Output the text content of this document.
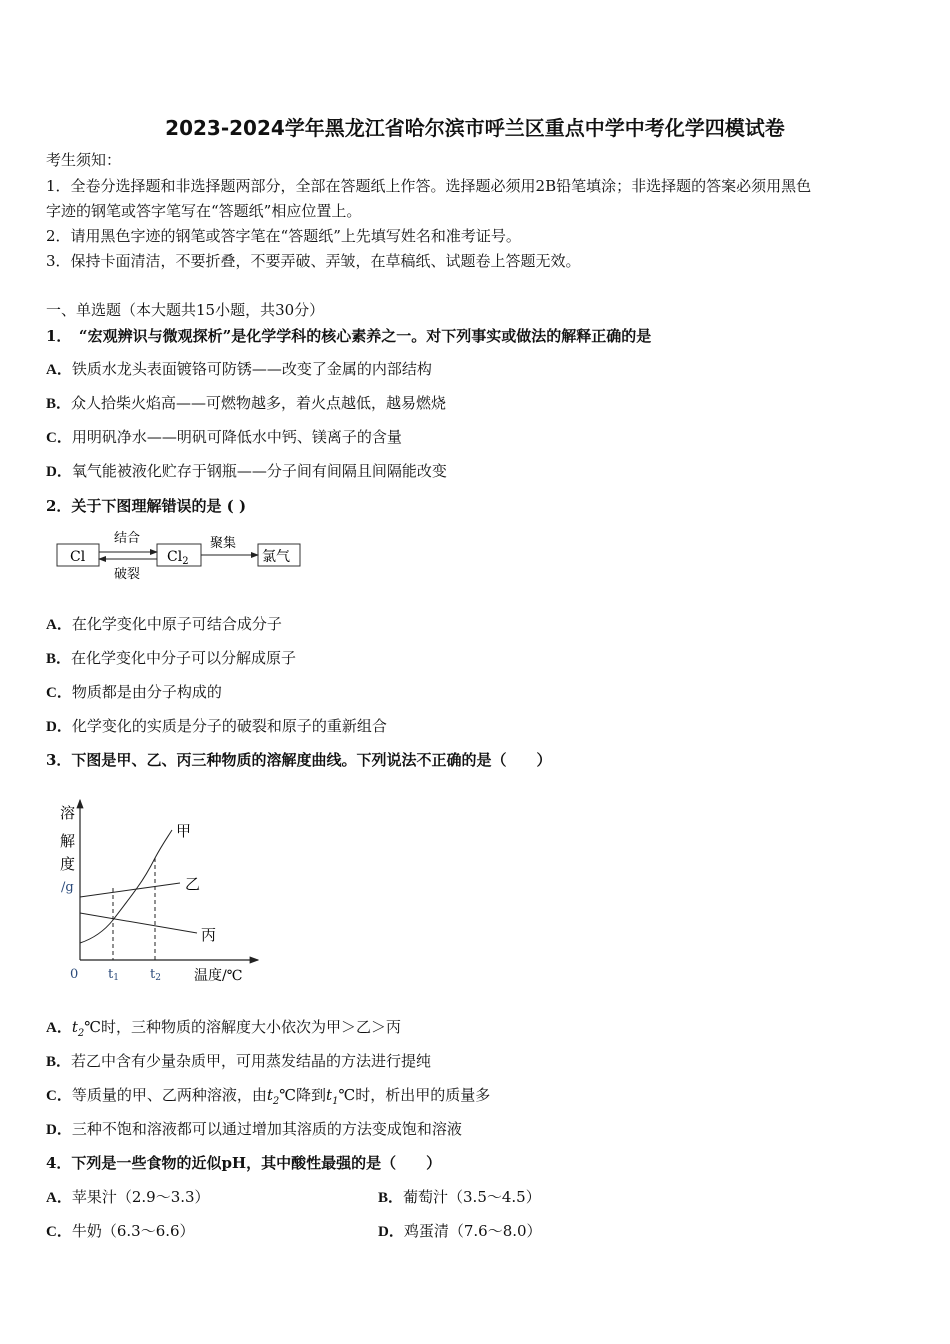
2023-2024学年黑龙江省哈尔滨市呼兰区重点中学中考化学四模试卷
考生须知：
1．全卷分选择题和非选择题两部分，全部在答题纸上作答。选择题必须用2B铅笔填涂；非选择题的答案必须用黑色
字迹的钢笔或答字笔写在“答题纸”相应位置上。
2．请用黑色字迹的钢笔或答字笔在“答题纸”上先填写姓名和准考证号。
3．保持卡面清洁，不要折叠，不要弄破、弄皱，在草稿纸、试题卷上答题无效。
一、单选题（本大题共15小题，共30分）
1．　“宏观辨识与微观探析”是化学学科的核心素养之一。对下列事实或做法的解释正确的是
A．铁质水龙头表面镀铬可防锈——改变了金属的内部结构
B．众人拾柴火焰高——可燃物越多，着火点越低，越易燃烧
C．用明矾净水——明矾可降低水中钙、镁离子的含量
D．氧气能被液化贮存于钢瓶——分子间有间隔且间隔能改变
2．关于下图理解错误的是 ( )
Cl	$Cl_2$	氯气
结合
破裂
聚集
A．在化学变化中原子可结合成分子
B．在化学变化中分子可以分解成原子
C．物质都是由分子构成的
D．化学变化的实质是分子的破裂和原子的重新组合
3．下图是甲、乙、丙三种物质的溶解度曲线。下列说法不正确的是（　　）
甲
乙
丙
溶
解
度
/g
0 t1 t2 温度/℃
A．$t_2℃$时，三种物质的溶解度大小依次为甲＞乙＞丙
B．若乙中含有少量杂质甲，可用蒸发结晶的方法进行提纯
C．等质量的甲、乙两种溶液，由$t_2℃$降到$t_1℃$时，析出甲的质量多
D．三种不饱和溶液都可以通过增加其溶质的方法变成饱和溶液
4．下列是一些食物的近似pH，其中酸性最强的是（　　）
A．苹果汁（2.9～3.3）	B．葡萄汁（3.5～4.5）
C．牛奶（6.3～6.6）	D．鸡蛋清（7.6～8.0）
